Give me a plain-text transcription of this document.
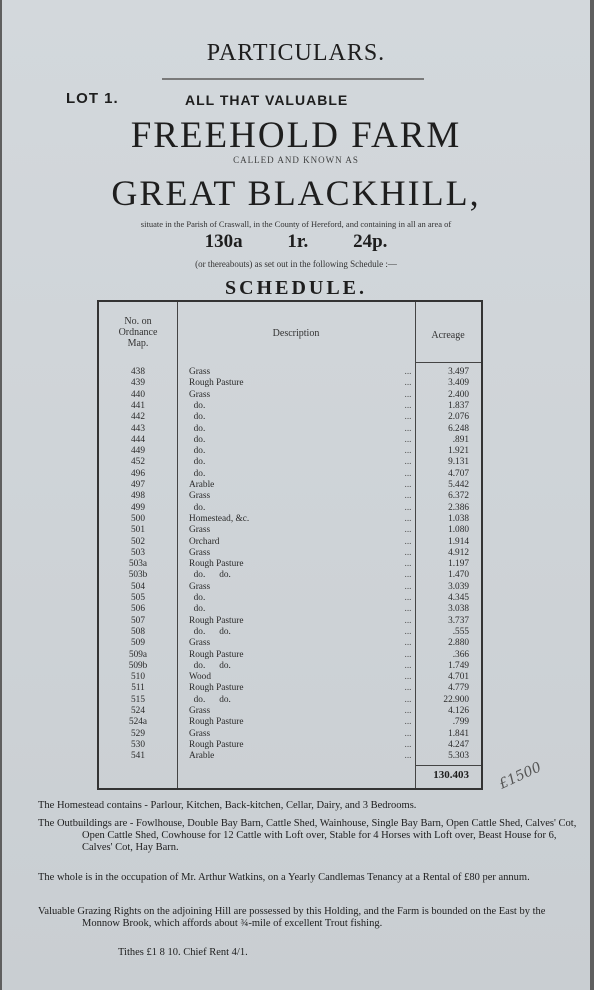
PARTICULARS.
LOT 1.	ALL THAT VALUABLE
FREEHOLD FARM
CALLED AND KNOWN AS
GREAT BLACKHILL,
situate in the Parish of Craswall, in the County of Hereford, and containing in all an area of
130a 1r. 24p.
(or thereabouts) as set out in the following Schedule :—
SCHEDULE.
No. on
Ordnance
Map.
Description	Acreage
438	Grass	...	3.497
439	Rough Pasture	...	3.409
440	Grass	...	2.400
441	do.	...	1.837
442	do.	...	2.076
443	do.	...	6.248
444	do.	...	.891
449	do.	...	1.921
452	do.	...	9.131
496	do.	...	4.707
497	Arable	...	5.442
498	Grass	...	6.372
499	do.	...	2.386
500	Homestead, &c.	...	1.038
501	Grass	...	1.080
502	Orchard	...	1.914
503	Grass	...	4.912
503a	Rough Pasture	...	1.197
503b	do.      do.	...	1.470
504	Grass	...	3.039
505	do.	...	4.345
506	do.	...	3.038
507	Rough Pasture	...	3.737
508	do.      do.	...	.555
509	Grass	...	2.880
509a	Rough Pasture	...	.366
509b	do.      do.	...	1.749
510	Wood	...	4.701
511	Rough Pasture	...	4.779
515	do.      do.	...	22.900
524	Grass	...	4.126
524a	Rough Pasture	...	.799
529	Grass	...	1.841
530	Rough Pasture	...	4.247
541	Arable	...	5.303
130.403 £1500
The Homestead contains - Parlour, Kitchen, Back-kitchen, Cellar, Dairy, and 3 Bedrooms.
The Outbuildings are - Fowlhouse, Double Bay Barn, Cattle Shed, Wainhouse, Single Bay Barn, Open Cattle Shed, Calves' Cot, Open Cattle Shed, Cowhouse for 12 Cattle with Loft over, Stable for 4 Horses with Loft over, Beast House for 6, Calves' Cot, Hay Barn.
The whole is in the occupation of Mr. Arthur Watkins, on a Yearly Candlemas Tenancy at a Rental of £80 per annum.
Valuable Grazing Rights on the adjoining Hill are possessed by this Holding, and the Farm is bounded on the East by the Monnow Brook, which affords about ¾-mile of excellent Trout fishing.
Tithes £1 8 10. Chief Rent 4/1.
